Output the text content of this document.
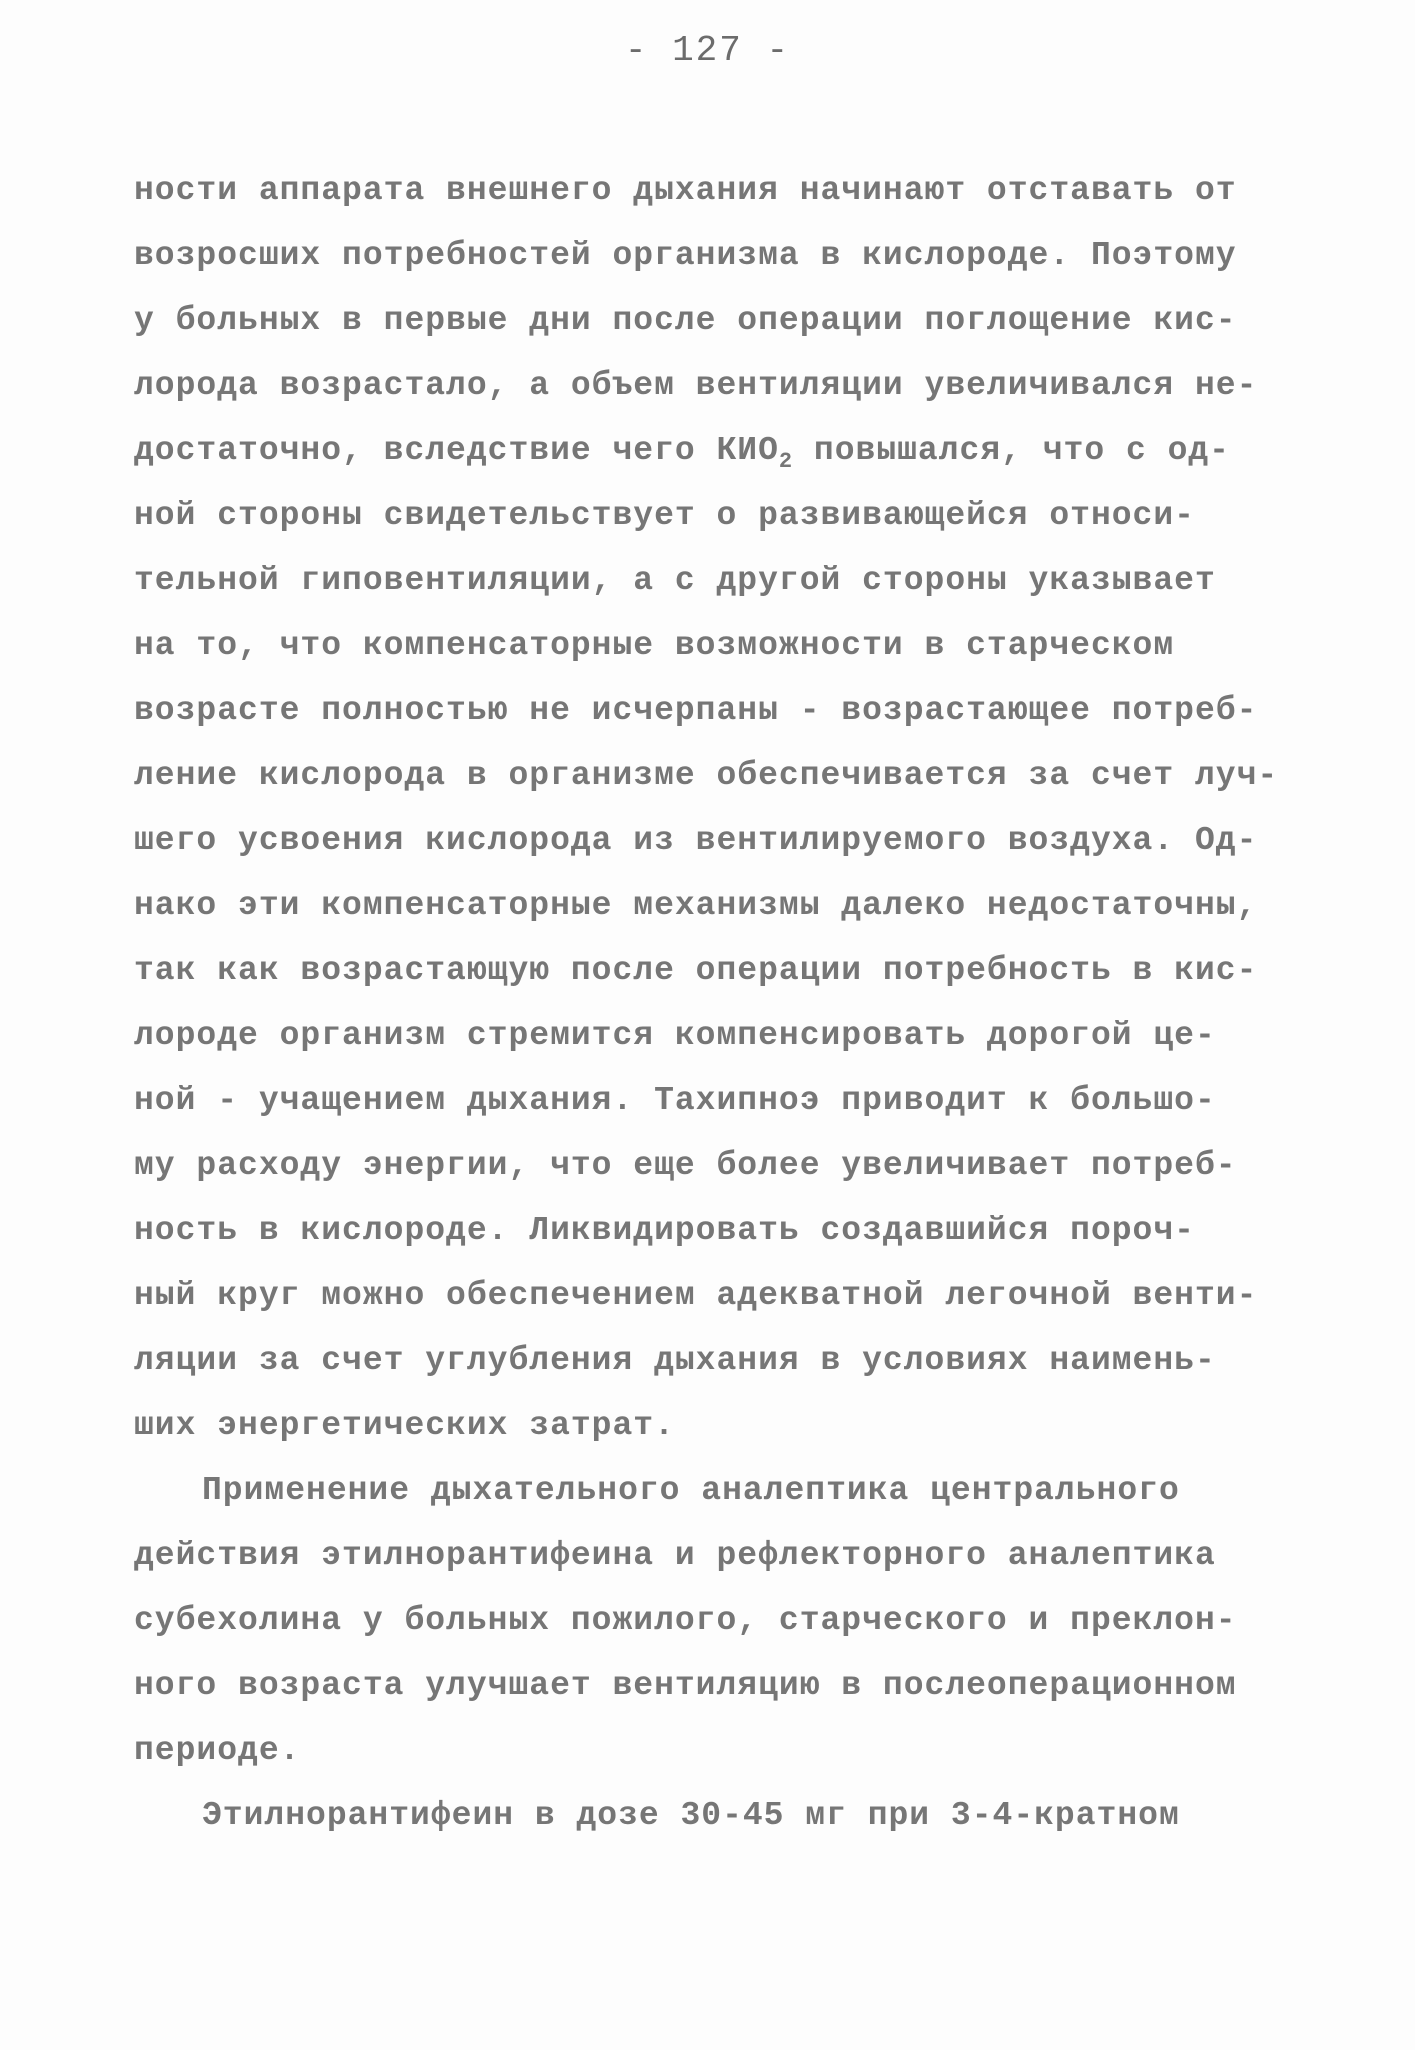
- 127 -
ности аппарата внешнего дыхания начинают отставать от
возросших потребностей организма в кислороде. Поэтому
у больных в первые дни после операции поглощение кис-
лорода возрастало, а объем вентиляции увеличивался не-
достаточно, вследствие чего $КИО_2$ повышался, что с од-
ной стороны свидетельствует о развивающейся относи-
тельной гиповентиляции, а с другой стороны указывает
на то, что компенсаторные возможности в старческом
возрасте полностью не исчерпаны - возрастающее потреб-
ление кислорода в организме обеспечивается за счет луч-
шего усвоения кислорода из вентилируемого воздуха. Од-
нако эти компенсаторные механизмы далеко недостаточны,
так как возрастающую после операции потребность в кис-
лороде организм стремится компенсировать дорогой це-
ной - учащением дыхания. Тахипноэ приводит к большо-
му расходу энергии, что еще более увеличивает потреб-
ность в кислороде. Ликвидировать создавшийся пороч-
ный круг можно обеспечением адекватной легочной венти-
ляции за счет углубления дыхания в условиях наимень-
ших энергетических затрат.
Применение дыхательного аналептика центрального
действия этилнорантифеина и рефлекторного аналептика
субехолина у больных пожилого, старческого и преклон-
ного возраста улучшает вентиляцию в послеоперационном
периоде.
Этилнорантифеин в дозе 30-45 мг при 3-4-кратном
